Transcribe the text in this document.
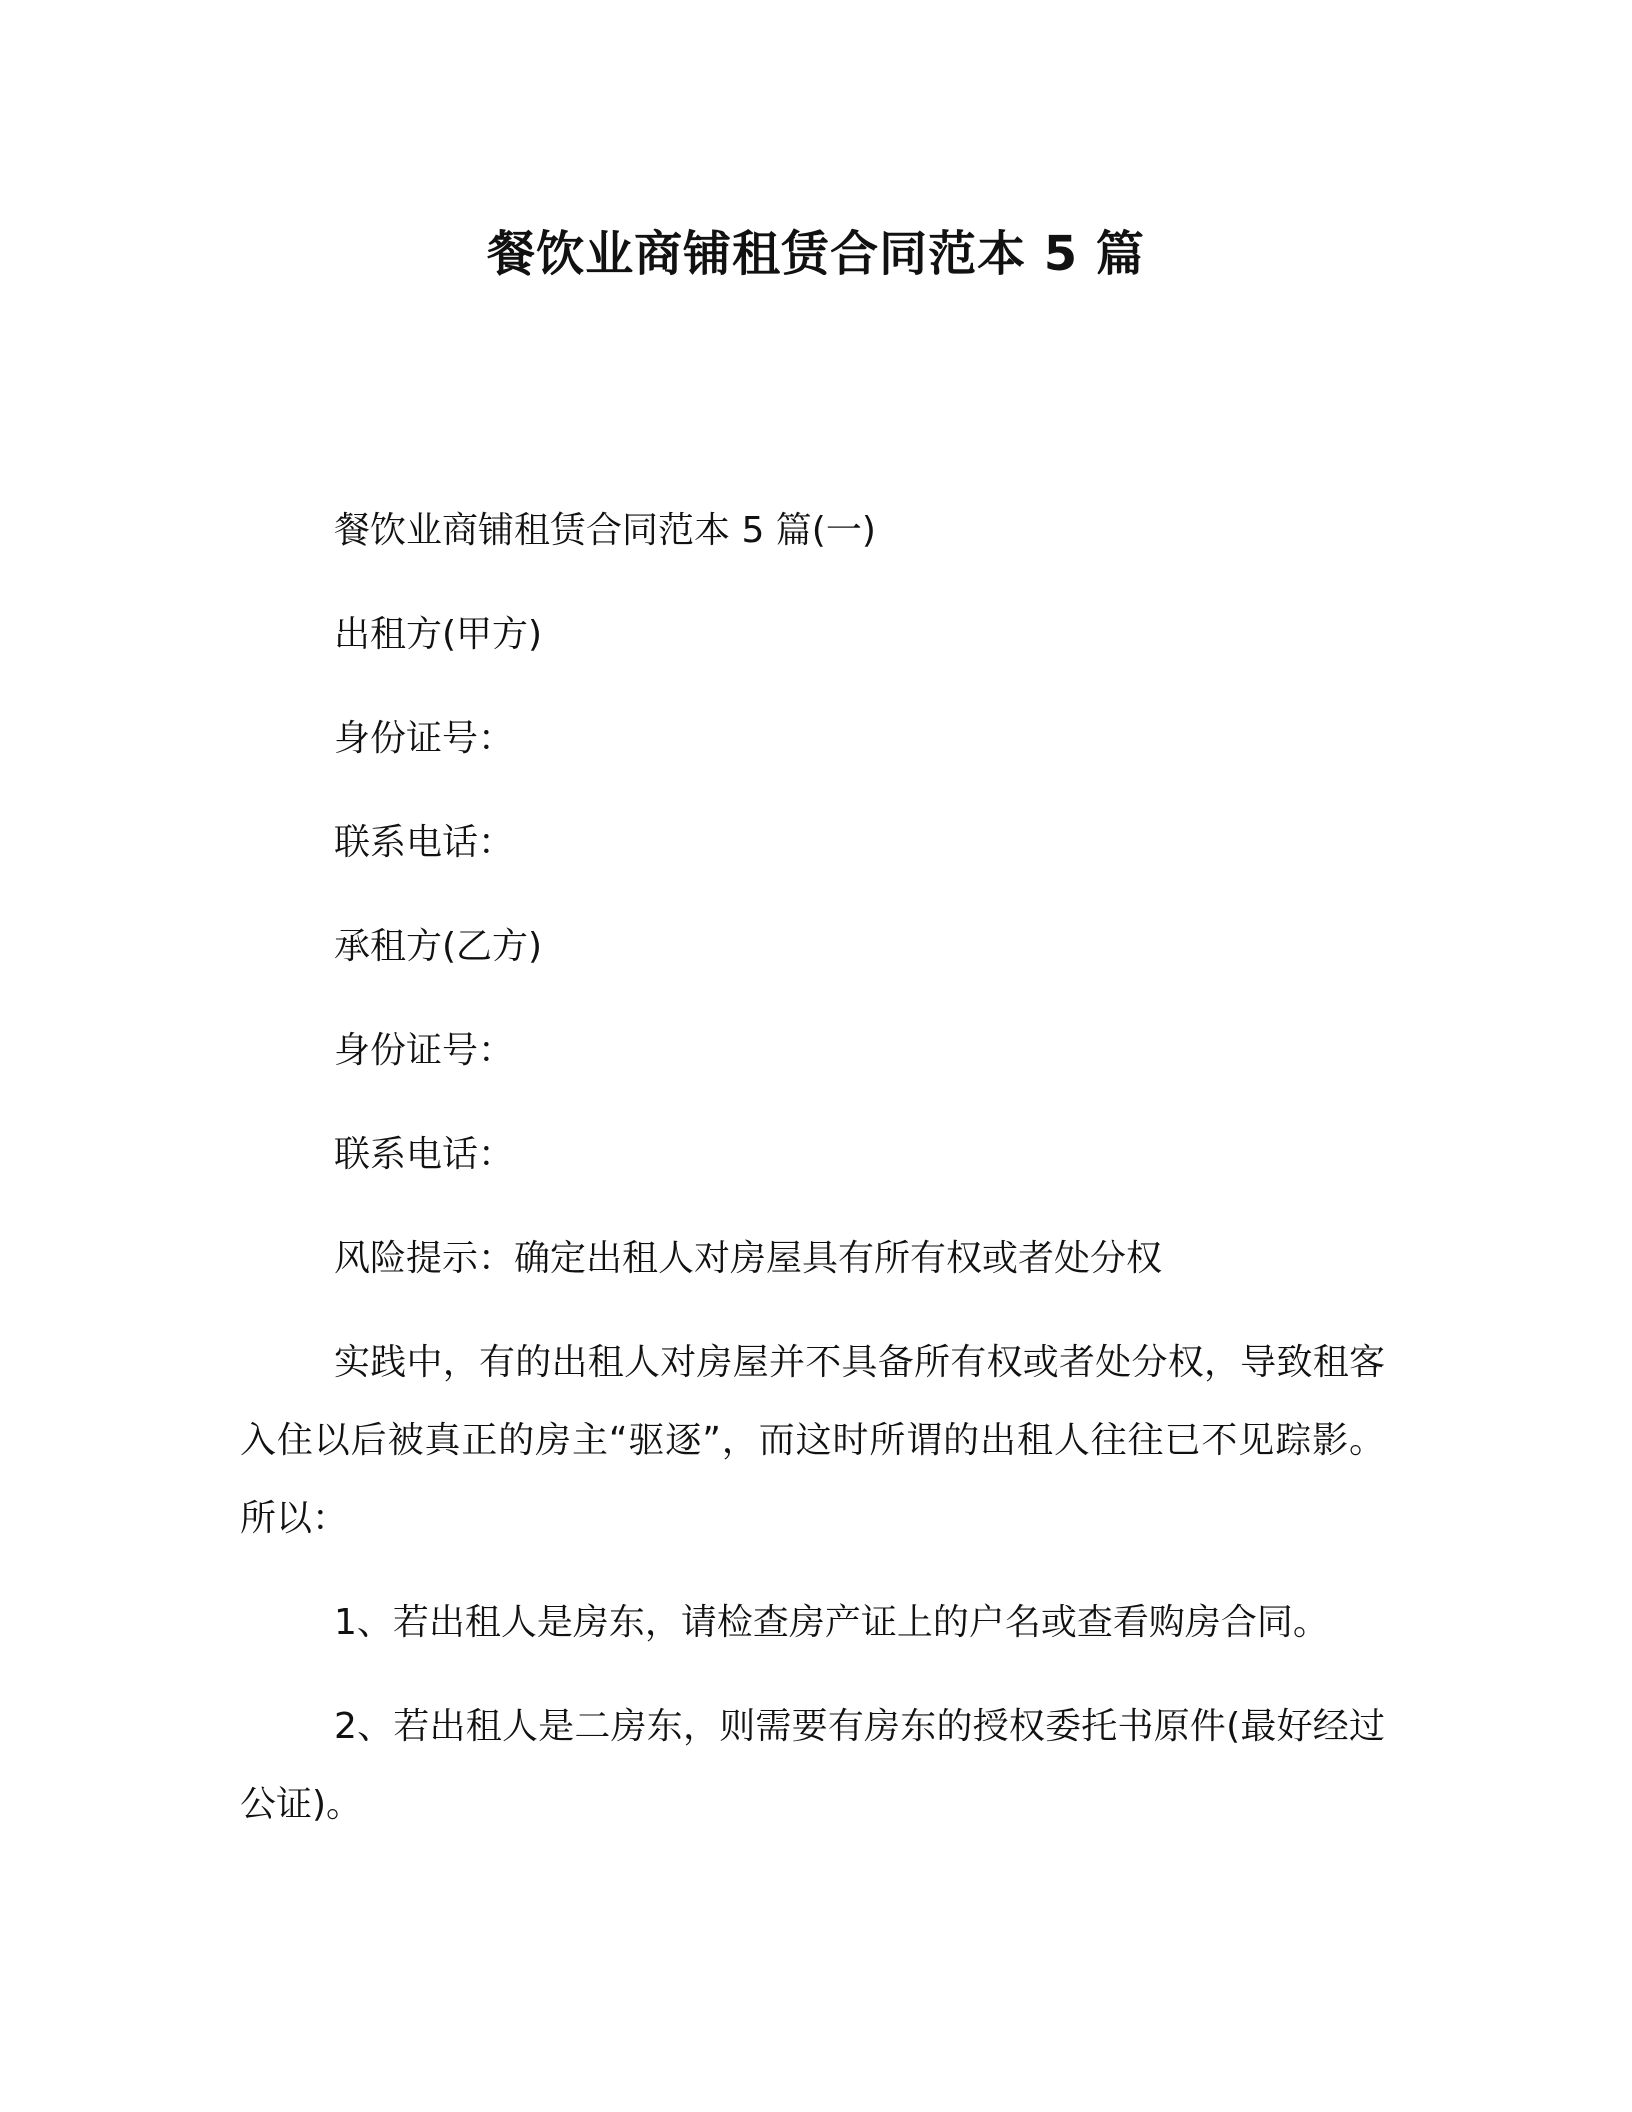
餐饮业商铺租赁合同范本 5 篇

餐饮业商铺租赁合同范本 5 篇(一)

出租方(甲方)

身份证号：

联系电话：

承租方(乙方)

身份证号：

联系电话：

风险提示：确定出租人对房屋具有所有权或者处分权

实践中，有的出租人对房屋并不具备所有权或者处分权，导致租客入住以后被真正的房主“驱逐”，而这时所谓的出租人往往已不见踪影。所以：

1、若出租人是房东，请检查房产证上的户名或查看购房合同。

2、若出租人是二房东，则需要有房东的授权委托书原件(最好经过公证)。
